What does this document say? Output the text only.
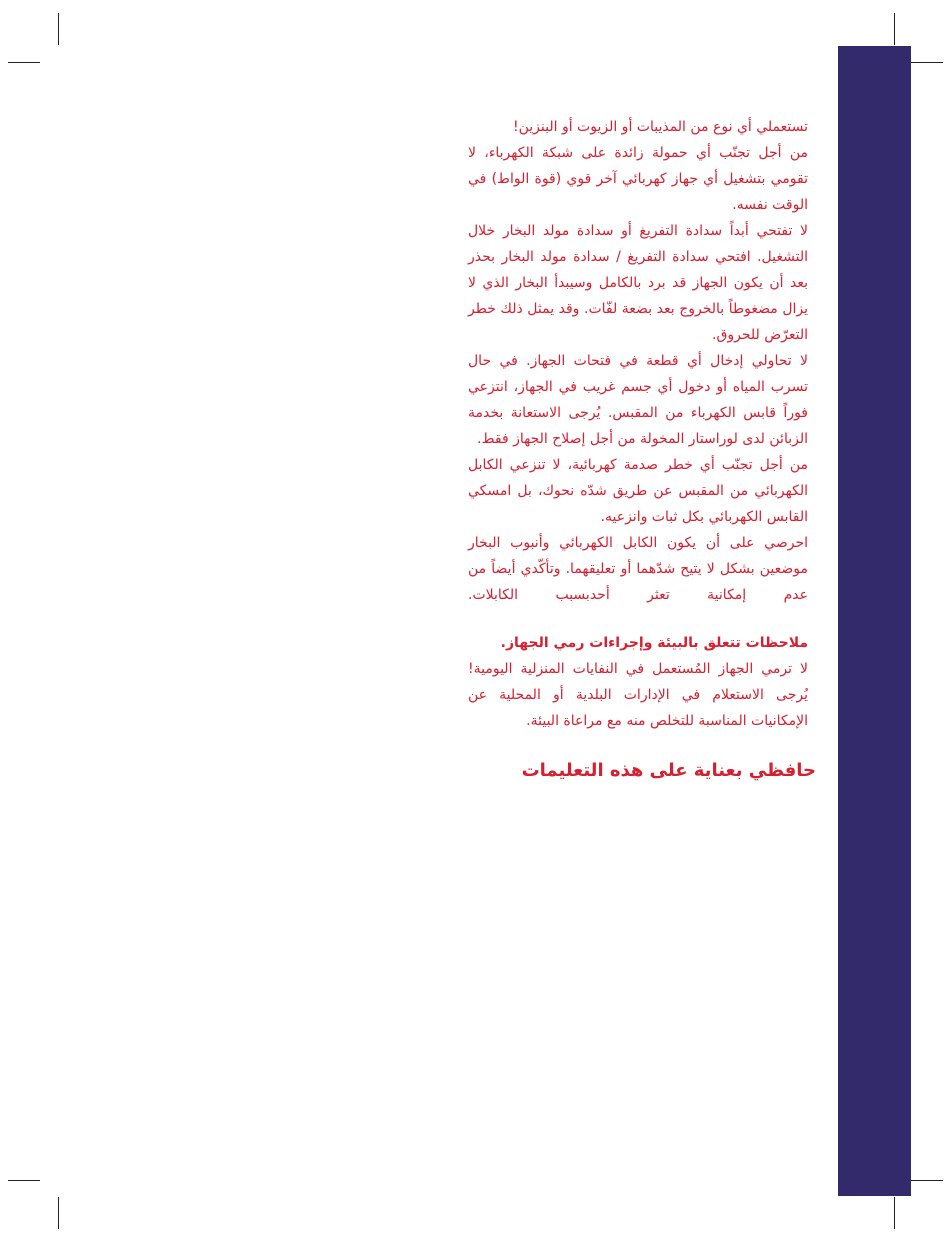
تستعملي أي نوع من المذيبات أو الزيوت أو البنزين!

من أجل تجنّب أي حمولة زائدة على شبكة الكهرباء، لا تقومي بتشغيل أي جهاز كهربائي آخر قوي (قوة الواط) في الوقت نفسه.

لا تفتحي أبداً سدادة التفريغ أو سدادة مولد البخار خلال التشغيل. افتحي سدادة التفريغ / سدادة مولد البخار بحذر بعد أن يكون الجهاز قد برد بالكامل وسيبدأ البخار الذي لا يزال مضغوطاً بالخروج بعد بضعة لفّات. وقد يمثل ذلك خطر التعرّض للحروق.

لا تحاولي إدخال أي قطعة في فتحات الجهاز. في حال تسرب المياه أو دخول أي جسم غريب في الجهاز، انتزعي فوراً قابس الكهرباء من المقبس. يُرجى الاستعانة بخدمة الزبائن لدى لوراستار المخولة من أجل إصلاح الجهاز فقط.

من أجل تجنّب أي خطر صدمة كهربائية، لا تنزعي الكابل الكهربائي من المقبس عن طريق شدّه نحوك، بل امسكي القابس الكهربائي بكل ثبات وانزعيه.

احرصي على أن يكون الكابل الكهربائي وأنبوب البخار موضعين بشكل لا يتيح شدّهما أو تعليقهما. وتأكّدي أيضاً من عدم إمكانية تعثر أحدبسبب الكابلات.

ملاحظات تتعلق بالبيئة وإجراءات رمي الجهاز.

لا ترمي الجهاز المُستعمل في النفايات المنزلية اليومية! يُرجى الاستعلام في الإدارات البلدية أو المحلية عن الإمكانيات المناسبة للتخلص منه مع مراعاة البيئة.

حافظي بعناية على هذه التعليمات
